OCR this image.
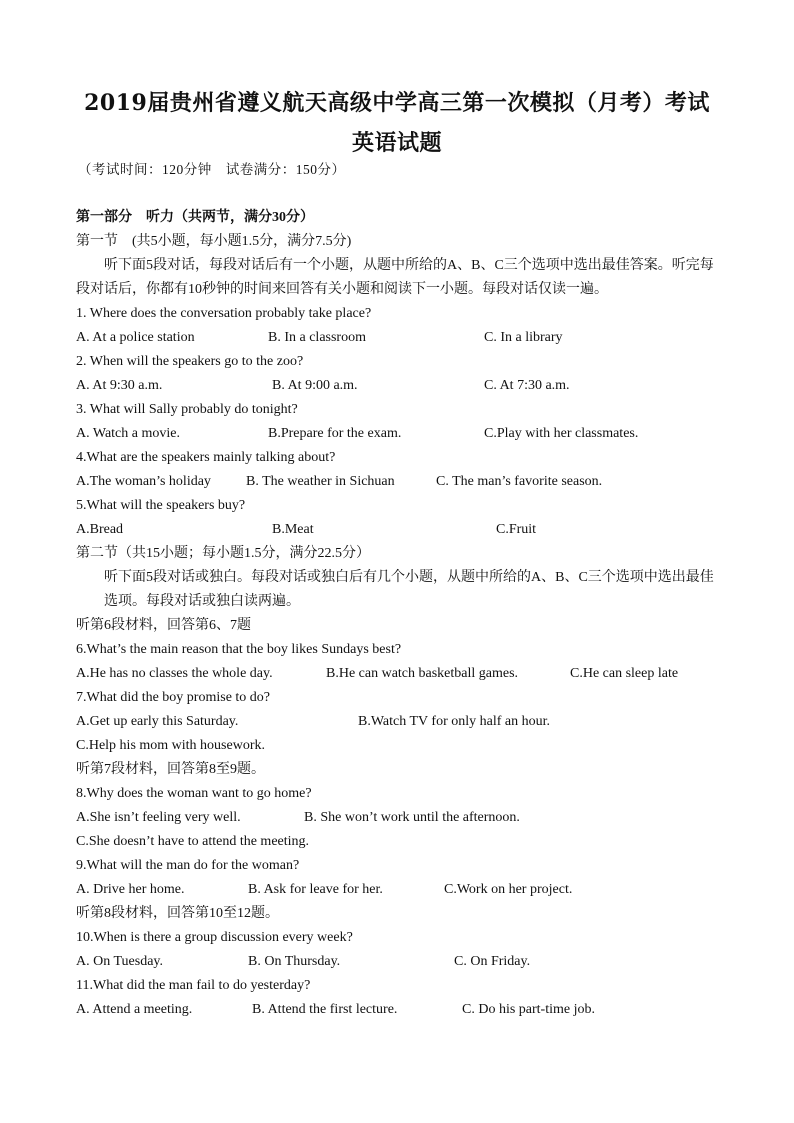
2019届贵州省遵义航天高级中学高三第一次模拟（月考）考试
英语试题
（考试时间：120分钟　试卷满分：150分）
第一部分　听力（共两节，满分30分）
第一节　(共5小题，每小题1.5分，满分7.5分)
听下面5段对话，每段对话后有一个小题，从题中所给的A、B、C三个选项中选出最佳答案。听完每段对话后，你都有10秒钟的时间来回答有关小题和阅读下一小题。每段对话仅读一遍。
1. Where does the conversation probably take place?
A. At a police station	B. In a classroom	C. In a library
2. When will the speakers go to the zoo?
A. At 9:30 a.m.	B. At 9:00 a.m.	C. At 7:30 a.m.
3. What will Sally probably do tonight?
A. Watch a movie.	B.Prepare for the exam.	C.Play with her classmates.
4.What are the speakers mainly talking about?
A.The woman’s holiday	B. The weather in Sichuan	C. The man’s favorite season.
5.What will the speakers buy?
A.Bread	B.Meat	C.Fruit
第二节（共15小题；每小题1.5分，满分22.5分）
听下面5段对话或独白。每段对话或独白后有几个小题，从题中所给的A、B、C三个选项中选出最佳选项。每段对话或独白读两遍。
听第6段材料，回答第6、7题
6.What’s the main reason that the boy likes Sundays best?
A.He has no classes the whole day.	B.He can watch basketball games.	C.He can sleep late
7.What did the boy promise to do?
A.Get up early this Saturday.	B.Watch TV for only half an hour.
C.Help his mom with housework.
听第7段材料，回答第8至9题。
8.Why does the woman want to go home?
A.She isn’t feeling very well.	B. She won’t work until the afternoon.
C.She doesn’t have to attend the meeting.
9.What will the man do for the woman?
A. Drive her home.	B. Ask for leave for her.	C.Work on her project.
听第8段材料，回答第10至12题。
10.When is there a group discussion every week?
A. On Tuesday.	B. On Thursday.	C. On Friday.
11.What did the man fail to do yesterday?
A. Attend a meeting.	B. Attend the first lecture.	C. Do his part-time job.
